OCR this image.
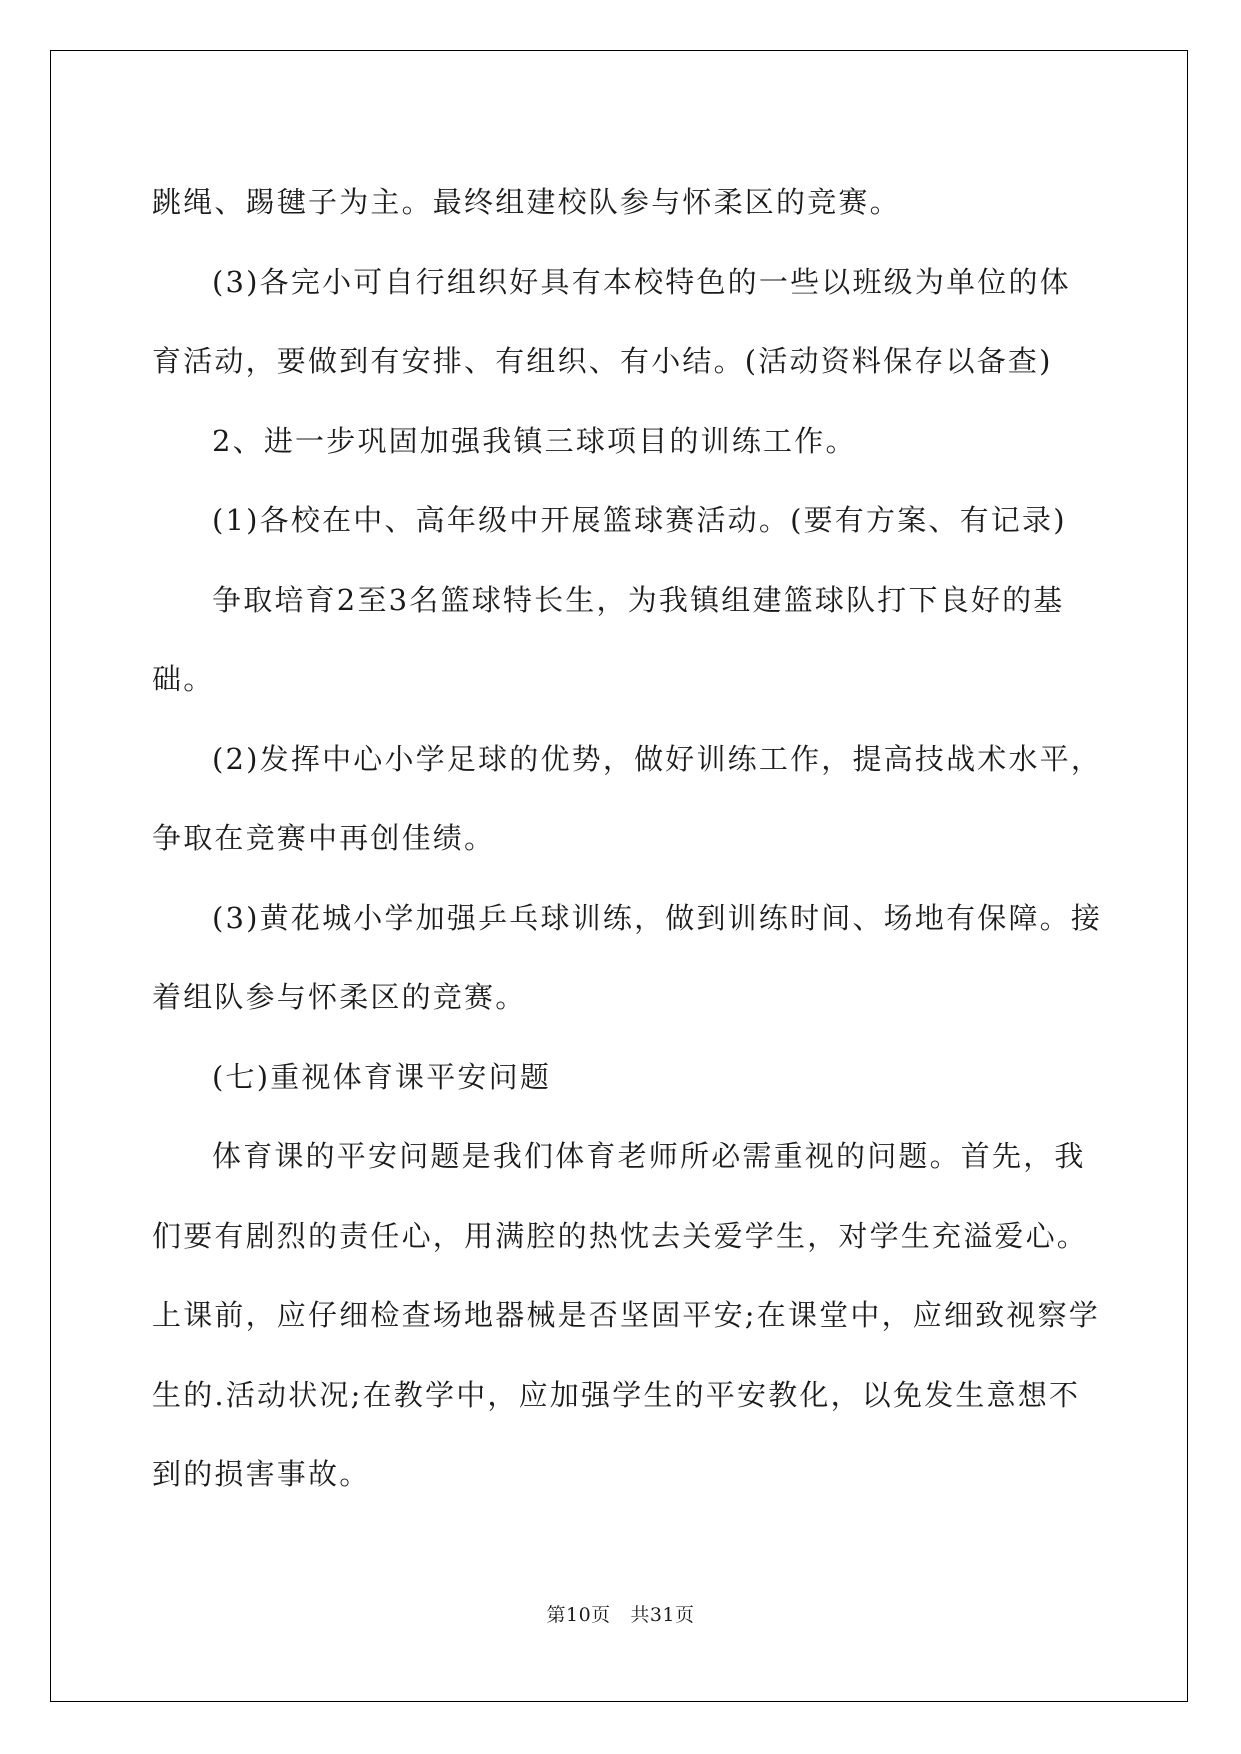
跳绳、踢毽子为主。最终组建校队参与怀柔区的竞赛。

(3)各完小可自行组织好具有本校特色的一些以班级为单位的体

育活动，要做到有安排、有组织、有小结。(活动资料保存以备查)

2、进一步巩固加强我镇三球项目的训练工作。

(1)各校在中、高年级中开展篮球赛活动。(要有方案、有记录)

争取培育2至3名篮球特长生，为我镇组建篮球队打下良好的基

础。

(2)发挥中心小学足球的优势，做好训练工作，提高技战术水平，

争取在竞赛中再创佳绩。

(3)黄花城小学加强乒乓球训练，做到训练时间、场地有保障。接

着组队参与怀柔区的竞赛。

(七)重视体育课平安问题

体育课的平安问题是我们体育老师所必需重视的问题。首先，我

们要有剧烈的责任心，用满腔的热忱去关爱学生，对学生充溢爱心。

上课前，应仔细检查场地器械是否坚固平安;在课堂中，应细致视察学

生的.活动状况;在教学中，应加强学生的平安教化，以免发生意想不

到的损害事故。

第10页 共31页
